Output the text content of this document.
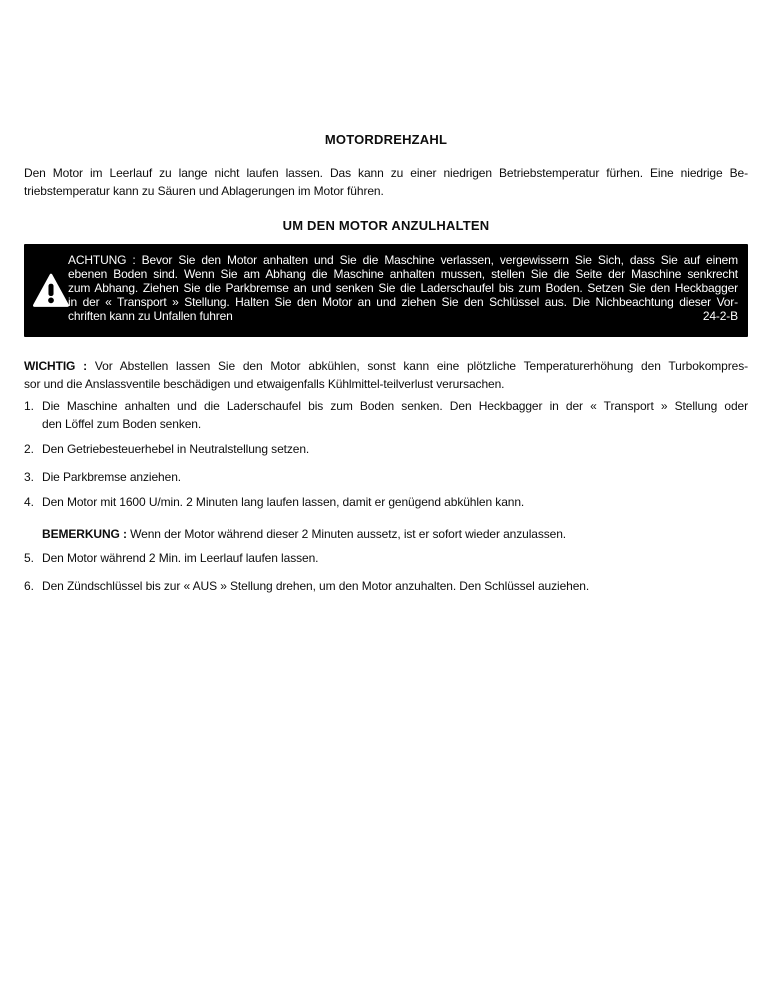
MOTORDREHZAHL
Den Motor im Leerlauf zu lange nicht laufen lassen. Das kann zu einer niedrigen Betriebstemperatur fürhen. Eine niedrige Be-
triebstemperatur kann zu Säuren und Ablagerungen im Motor führen.
UM DEN MOTOR ANZULHALTEN
ACHTUNG : Bevor Sie den Motor anhalten und Sie die Maschine verlassen, vergewissern Sie Sich, dass Sie auf einem
ebenen Boden sind. Wenn Sie am Abhang die Maschine anhalten mussen, stellen Sie die Seite der Maschine senkrecht
zum Abhang. Ziehen Sie die Parkbremse an und senken Sie die Laderschaufel bis zum Boden. Setzen Sie den Heckbagger
in der « Transport » Stellung. Halten Sie den Motor an und ziehen Sie den Schlüssel aus. Die Nichbeachtung dieser Vor-
chriften kann zu Unfallen fuhren	24-2-B
WICHTIG : Vor Abstellen lassen Sie den Motor abkühlen, sonst kann eine plötzliche Temperaturerhöhung den Turbokompres-
sor und die Anslassventile beschädigen und etwaigenfalls Kühlmittel-teilverlust verursachen.
1. Die Maschine anhalten und die Laderschaufel bis zum Boden senken. Den Heckbagger in der « Transport » Stellung oder
den Löffel zum Boden senken.
2. Den Getriebesteuerhebel in Neutralstellung setzen.
3. Die Parkbremse anziehen.
4. Den Motor mit 1600 U/min. 2 Minuten lang laufen lassen, damit er genügend abkühlen kann.
BEMERKUNG : Wenn der Motor während dieser 2 Minuten aussetz, ist er sofort wieder anzulassen.
5. Den Motor während 2 Min. im Leerlauf laufen lassen.
6. Den Zündschlüssel bis zur « AUS » Stellung drehen, um den Motor anzuhalten. Den Schlüssel auziehen.
